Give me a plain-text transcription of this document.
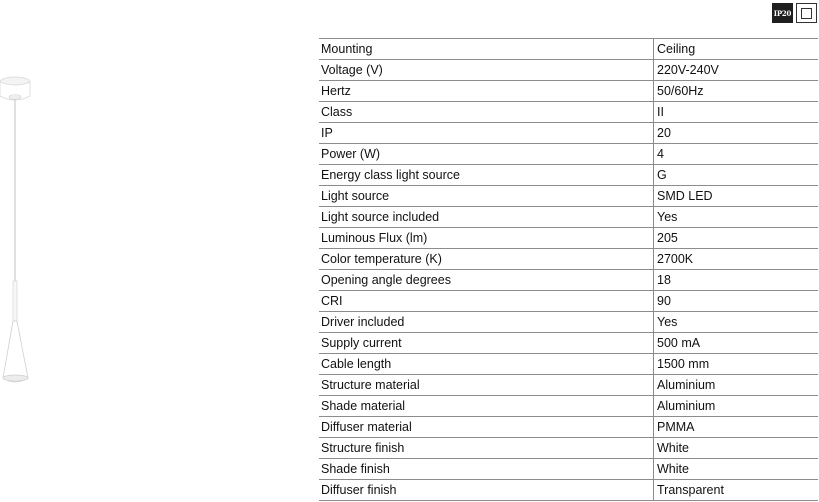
IP20
Mounting	Ceiling
Voltage (V)	220V-240V
Hertz	50/60Hz
Class	II
IP	20
Power (W)	4
Energy class light source	G
Light source	SMD LED
Light source included	Yes
Luminous Flux (lm)	205
Color temperature (K)	2700K
Opening angle degrees	18
CRI	90
Driver included	Yes
Supply current	500 mA
Cable length	1500 mm
Structure material	Aluminium
Shade material	Aluminium
Diffuser material	PMMA
Structure finish	White
Shade finish	White
Diffuser finish	Transparent
